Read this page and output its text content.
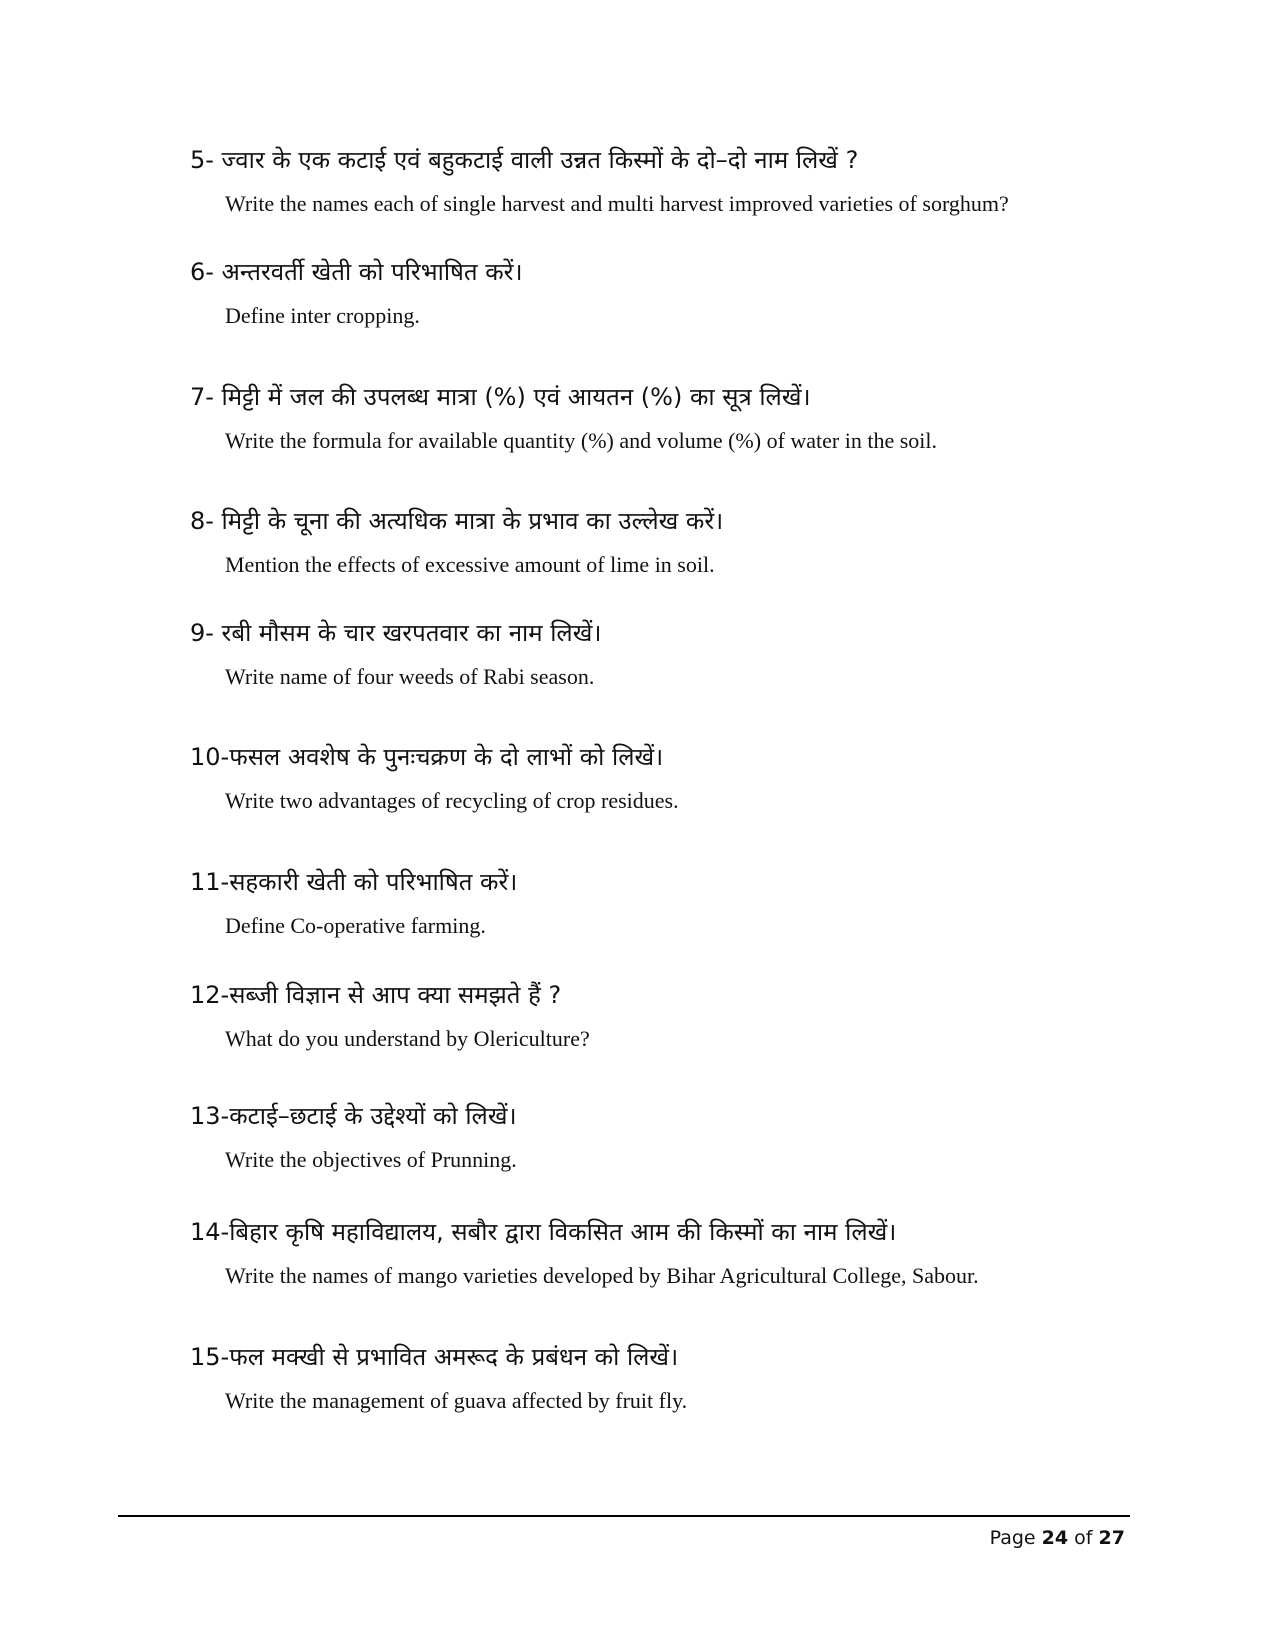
5- ज्वार के एक कटाई एवं बहुकटाई वाली उन्नत किस्मों के दो–दो नाम लिखें ?
Write the names each of single harvest and multi harvest improved varieties of sorghum?
6- अन्तरवर्ती खेती को परिभाषित करें।
Define inter cropping.
7- मिट्टी में जल की उपलब्ध मात्रा (%) एवं आयतन (%) का सूत्र लिखें।
Write the formula for available quantity (%) and volume (%) of water in the soil.
8- मिट्टी के चूना की अत्यधिक मात्रा के प्रभाव का उल्लेख करें।
Mention the effects of excessive amount of lime in soil.
9- रबी मौसम के चार खरपतवार का नाम लिखें।
Write name of four weeds of Rabi season.
10-फसल अवशेष के पुनःचक्रण के दो लाभों को लिखें।
Write two advantages of recycling of crop residues.
11-सहकारी खेती को परिभाषित करें।
Define Co-operative farming.
12-सब्जी विज्ञान से आप क्या समझते हैं ?
What do you understand by Olericulture?
13-कटाई–छटाई के उद्देश्यों को लिखें।
Write the objectives of Prunning.
14-बिहार कृषि महाविद्यालय, सबौर द्वारा विकसित आम की किस्मों का नाम लिखें।
Write the names of mango varieties developed by Bihar Agricultural College, Sabour.
15-फल मक्खी से प्रभावित अमरूद के प्रबंधन को लिखें।
Write the management of guava affected by fruit fly.
Page 24 of 27
